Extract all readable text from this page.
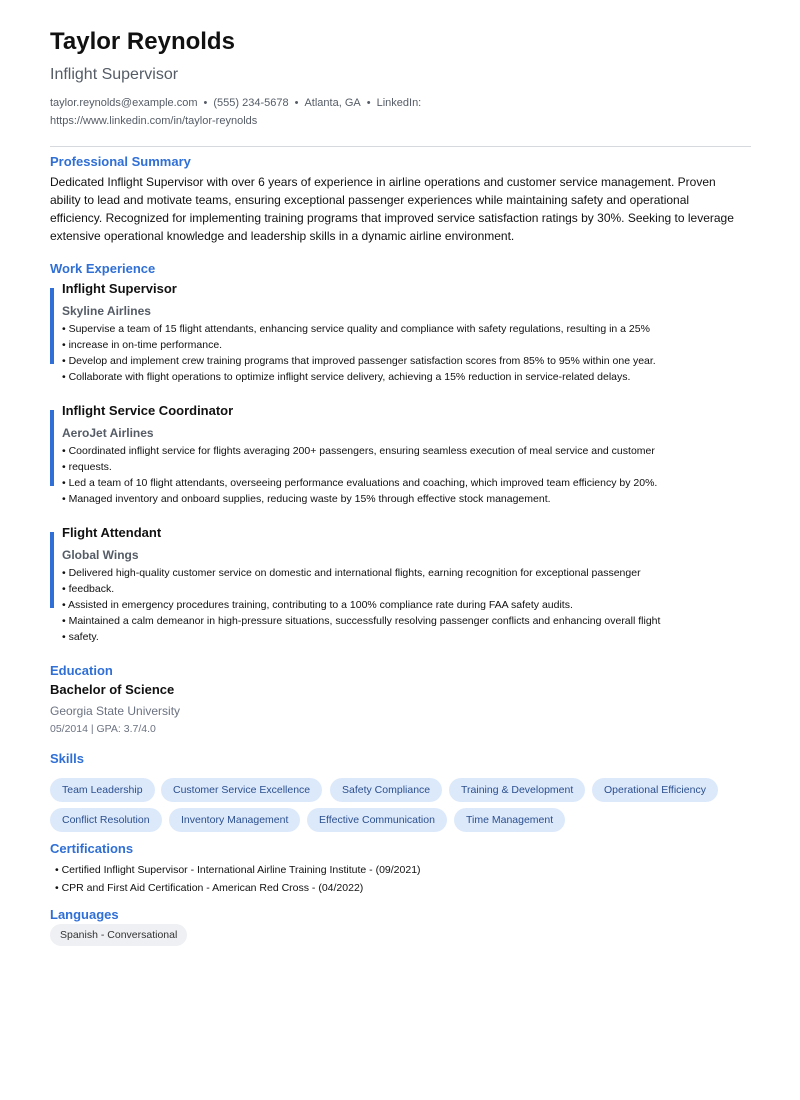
Taylor Reynolds
Inflight Supervisor
taylor.reynolds@example.com • (555) 234-5678 • Atlanta, GA • LinkedIn:
https://www.linkedin.com/in/taylor-reynolds
Professional Summary
Dedicated Inflight Supervisor with over 6 years of experience in airline operations and customer service management. Proven ability to lead and motivate teams, ensuring exceptional passenger experiences while maintaining safety and operational efficiency. Recognized for implementing training programs that improved service satisfaction ratings by 30%. Seeking to leverage extensive operational knowledge and leadership skills in a dynamic airline environment.
Work Experience
Inflight Supervisor
Skyline Airlines
• Supervise a team of 15 flight attendants, enhancing service quality and compliance with safety regulations, resulting in a 25%
• increase in on-time performance.
• Develop and implement crew training programs that improved passenger satisfaction scores from 85% to 95% within one year.
• Collaborate with flight operations to optimize inflight service delivery, achieving a 15% reduction in service-related delays.
Inflight Service Coordinator
AeroJet Airlines
• Coordinated inflight service for flights averaging 200+ passengers, ensuring seamless execution of meal service and customer
• requests.
• Led a team of 10 flight attendants, overseeing performance evaluations and coaching, which improved team efficiency by 20%.
• Managed inventory and onboard supplies, reducing waste by 15% through effective stock management.
Flight Attendant
Global Wings
• Delivered high-quality customer service on domestic and international flights, earning recognition for exceptional passenger
• feedback.
• Assisted in emergency procedures training, contributing to a 100% compliance rate during FAA safety audits.
• Maintained a calm demeanor in high-pressure situations, successfully resolving passenger conflicts and enhancing overall flight
• safety.
Education
Bachelor of Science
Georgia State University
05/2014 | GPA: 3.7/4.0
Skills
Team Leadership	Customer Service Excellence	Safety Compliance	Training & Development	Operational Efficiency
Conflict Resolution	Inventory Management	Effective Communication	Time Management
Certifications
• Certified Inflight Supervisor - International Airline Training Institute - (09/2021)
• CPR and First Aid Certification - American Red Cross - (04/2022)
Languages
Spanish - Conversational
